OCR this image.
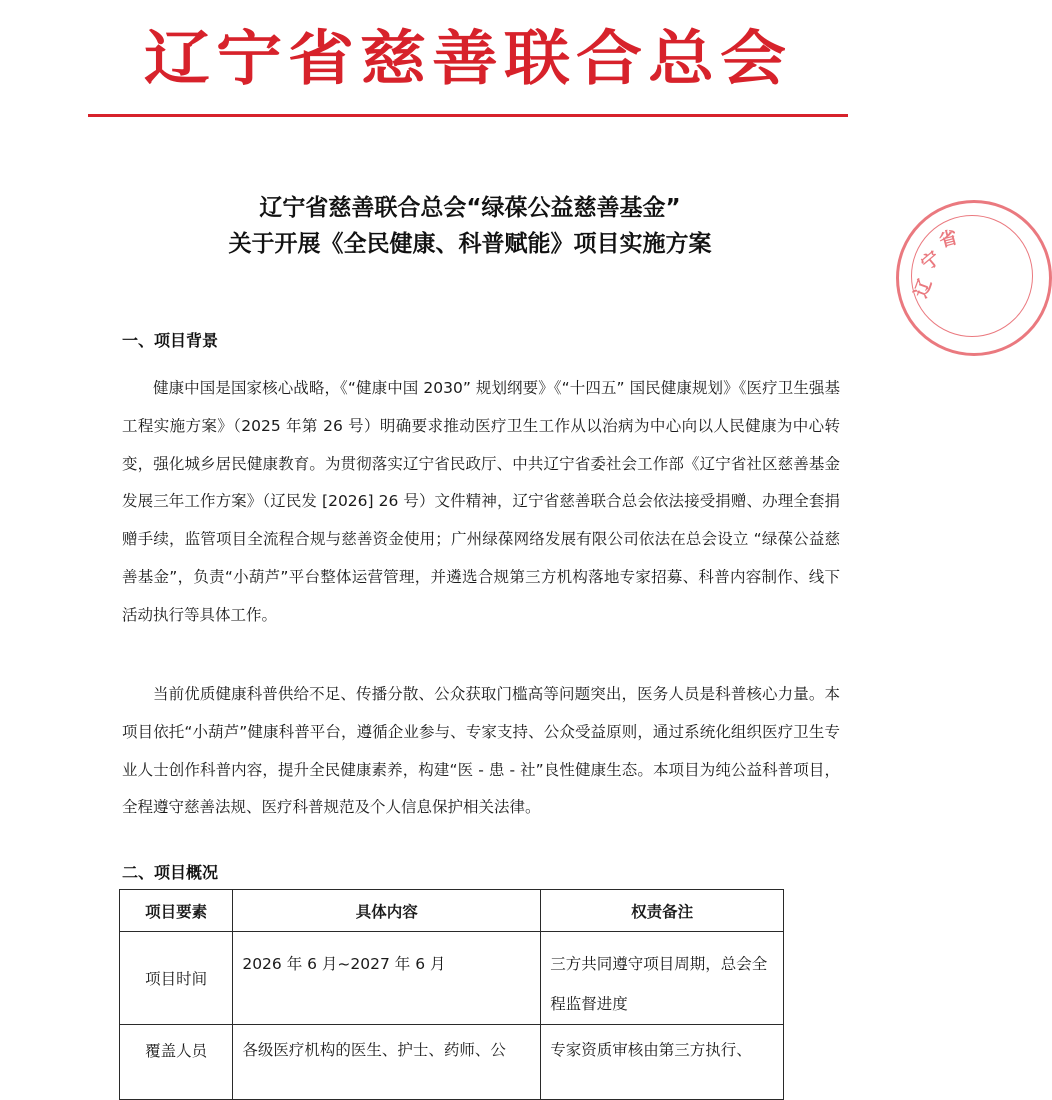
辽宁省慈善联合总会
辽宁省慈善联合总会“绿葆公益慈善基金”
关于开展《全民健康、科普赋能》项目实施方案
一、项目背景

健康中国是国家核心战略，《“健康中国 2030” 规划纲要》《“十四五” 国民健康规划》《医疗卫生强基工程实施方案》（2025 年第 26 号）明确要求推动医疗卫生工作从以治病为中心向以人民健康为中心转变，强化城乡居民健康教育。为贯彻落实辽宁省民政厅、中共辽宁省委社会工作部《辽宁省社区慈善基金发展三年工作方案》（辽民发 [2026] 26 号）文件精神，辽宁省慈善联合总会依法接受捐赠、办理全套捐赠手续，监管项目全流程合规与慈善资金使用；广州绿葆网络发展有限公司依法在总会设立 “绿葆公益慈善基金”，负责“小葫芦”平台整体运营管理，并遴选合规第三方机构落地专家招募、科普内容制作、线下活动执行等具体工作。

当前优质健康科普供给不足、传播分散、公众获取门槛高等问题突出，医务人员是科普核心力量。本项目依托“小葫芦”健康科普平台，遵循企业参与、专家支持、公众受益原则，通过系统化组织医疗卫生专业人士创作科普内容，提升全民健康素养，构建“医 - 患 - 社”良性健康生态。本项目为纯公益科普项目，全程遵守慈善法规、医疗科普规范及个人信息保护相关法律。

二、项目概况
项目要素	具体内容	权责备注
项目时间	2026 年 6 月~2027 年 6 月	三方共同遵守项目周期，总会全程监督进度

覆盖人员	各级医疗机构的医生、护士、药师、公	专家资质审核由第三方执行、
辽
宁
省
